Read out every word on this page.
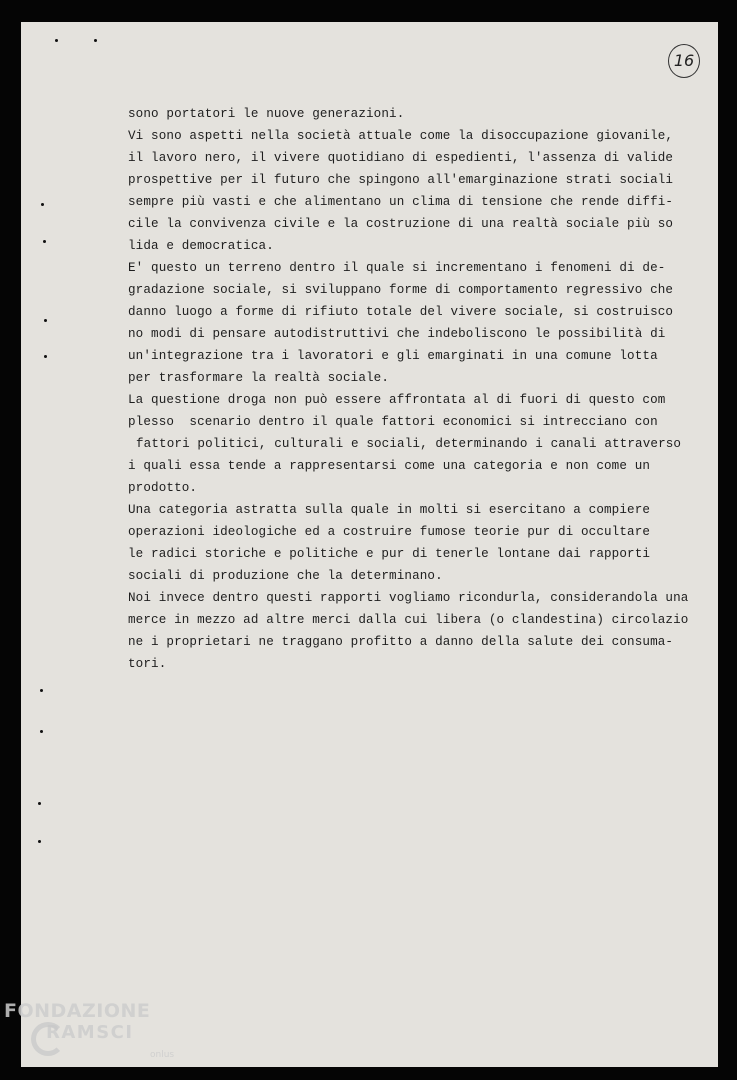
16
sono portatori le nuove generazioni.
Vi sono aspetti nella società attuale come la disoccupazione giovanile,
il lavoro nero, il vivere quotidiano di espedienti, l'assenza di valide
prospettive per il futuro che spingono all'emarginazione strati sociali
sempre più vasti e che alimentano un clima di tensione che rende diffi-
cile la convivenza civile e la costruzione di una realtà sociale più so
lida e democratica.
E' questo un terreno dentro il quale si incrementano i fenomeni di de-
gradazione sociale, si sviluppano forme di comportamento regressivo che
danno luogo a forme di rifiuto totale del vivere sociale, si costruisco
no modi di pensare autodistruttivi che indeboliscono le possibilità di
un'integrazione tra i lavoratori e gli emarginati in una comune lotta
per trasformare la realtà sociale.
La questione droga non può essere affrontata al di fuori di questo com
plesso  scenario dentro il quale fattori economici si intrecciano con
fattori politici, culturali e sociali, determinando i canali attraverso
i quali essa tende a rappresentarsi come una categoria e non come un
prodotto.
Una categoria astratta sulla quale in molti si esercitano a compiere
operazioni ideologiche ed a costruire fumose teorie pur di occultare
le radici storiche e politiche e pur di tenerle lontane dai rapporti
sociali di produzione che la determinano.
Noi invece dentro questi rapporti vogliamo ricondurla, considerandola una
merce in mezzo ad altre merci dalla cui libera (o clandestina) circolazio
ne i proprietari ne traggano profitto a danno della salute dei consuma-
tori.
FONDAZIONE
RAMSCI
onlus
